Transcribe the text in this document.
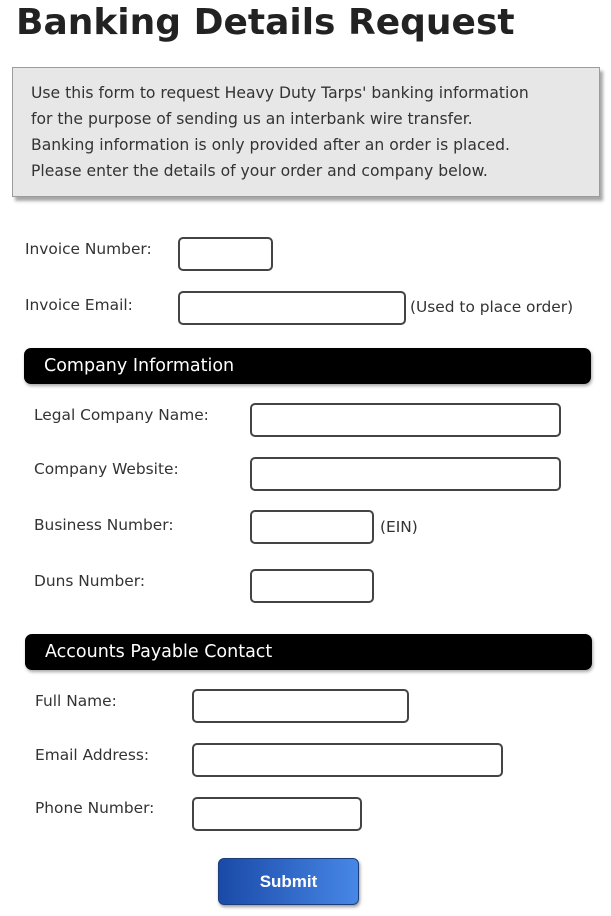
Banking Details Request

Use this form to request Heavy Duty Tarps' banking information
for the purpose of sending us an interbank wire transfer.
Banking information is only provided after an order is placed.
Please enter the details of your order and company below.

Invoice Number:
Invoice Email:	(Used to place order)
Company Information
Legal Company Name:
Company Website:
Business Number:	(EIN)
Duns Number:
Accounts Payable Contact
Full Name:
Email Address:
Phone Number:
Submit
